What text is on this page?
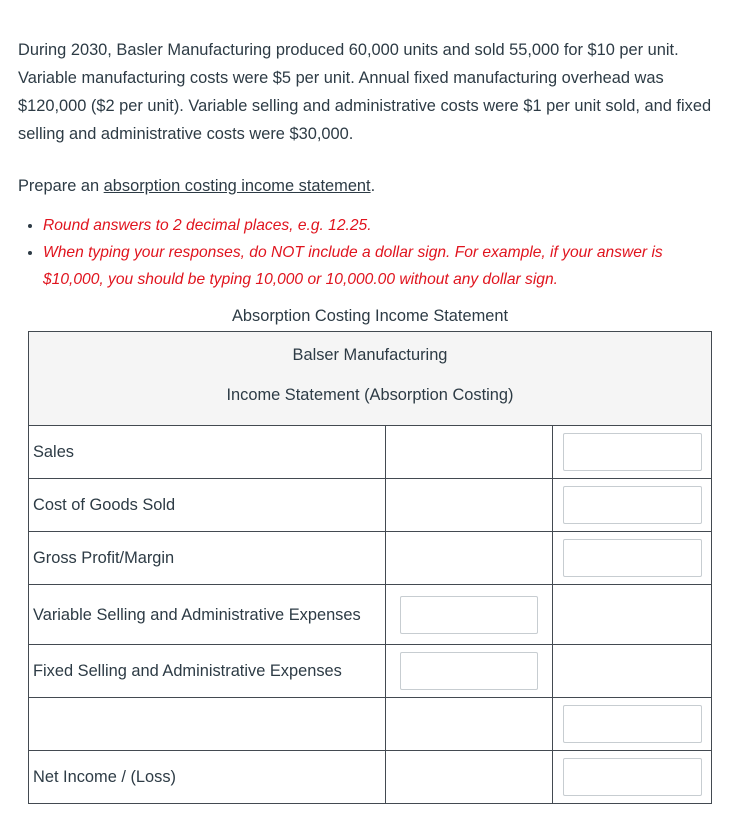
During 2030, Basler Manufacturing produced 60,000 units and sold 55,000 for $10 per unit. Variable manufacturing costs were $5 per unit. Annual fixed manufacturing overhead was $120,000 ($2 per unit). Variable selling and administrative costs were $1 per unit sold, and fixed selling and administrative costs were $30,000.

Prepare an absorption costing income statement.

Round answers to 2 decimal places, e.g. 12.25.
When typing your responses, do NOT include a dollar sign. For example, if your answer is $10,000, you should be typing 10,000 or 10,000.00 without any dollar sign.

Absorption Costing Income Statement

Balser Manufacturing
Income Statement (Absorption Costing)		

Sales		

Cost of Goods Sold		

Gross Profit/Margin		

Variable Selling and Administrative Expenses	

Fixed Selling and Administrative Expenses	

Net Income / (Loss)		
